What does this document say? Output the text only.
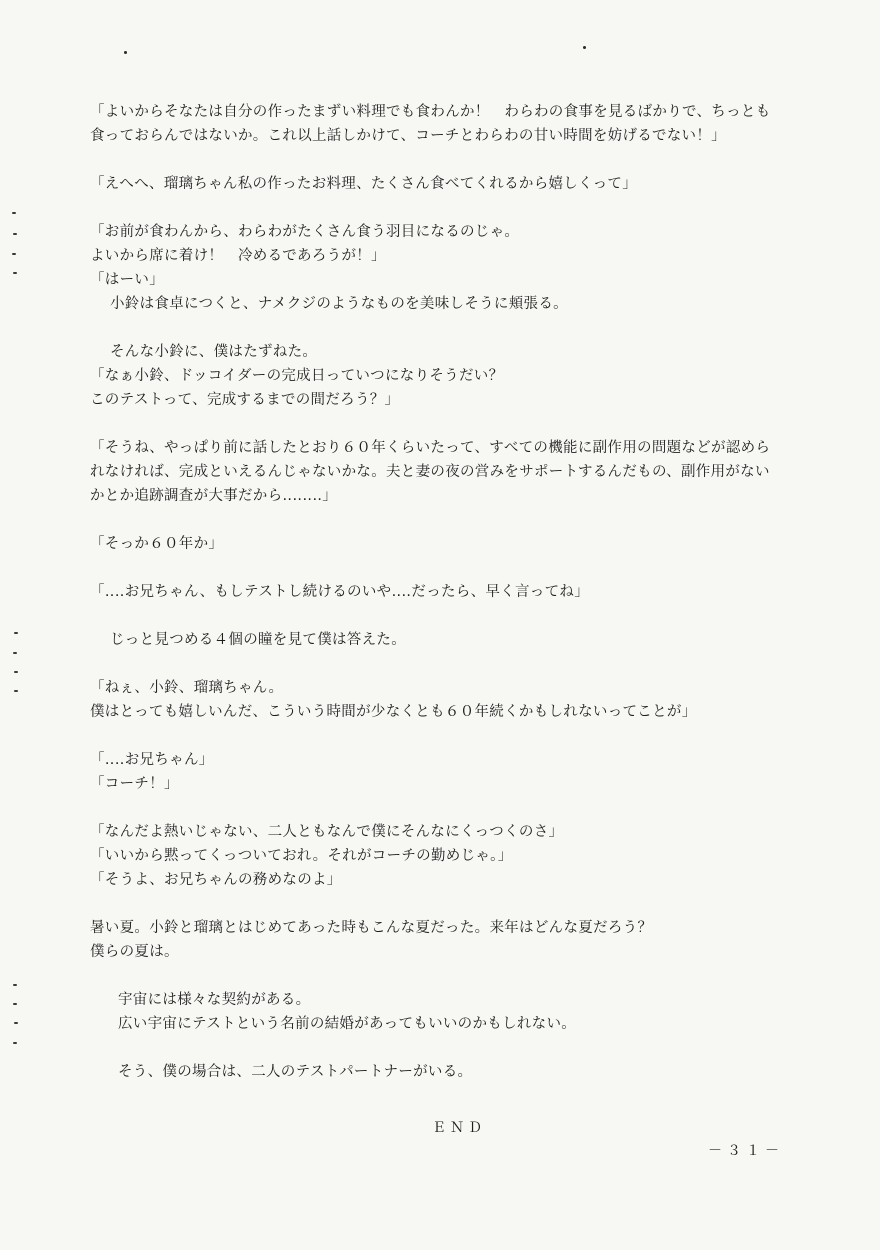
「よいからそなたは自分の作ったまずい料理でも食わんか！　わらわの食事を見るばかりで、ちっとも
食っておらんではないか。これ以上話しかけて、コーチとわらわの甘い時間を妨げるでない！」
「えへへ、瑠璃ちゃん私の作ったお料理、たくさん食べてくれるから嬉しくって」
「お前が食わんから、わらわがたくさん食う羽目になるのじゃ。
よいから席に着け！　冷めるであろうが！」
「はーい」
小鈴は食卓につくと、ナメクジのようなものを美味しそうに頬張る。
そんな小鈴に、僕はたずねた。
「なぁ小鈴、ドッコイダーの完成日っていつになりそうだい？
このテストって、完成するまでの間だろう？」
「そうね、やっぱり前に話したとおり６０年くらいたって、すべての機能に副作用の問題などが認めら
れなければ、完成といえるんじゃないかな。夫と妻の夜の営みをサポートするんだもの、副作用がない
かとか追跡調査が大事だから‥‥‥‥」
「そっか６０年か」
「‥‥お兄ちゃん、もしテストし続けるのいや‥‥だったら、早く言ってね」
じっと見つめる４個の瞳を見て僕は答えた。
「ねぇ、小鈴、瑠璃ちゃん。
僕はとっても嬉しいんだ、こういう時間が少なくとも６０年続くかもしれないってことが」
「‥‥お兄ちゃん」
「コーチ！」
「なんだよ熱いじゃない、二人ともなんで僕にそんなにくっつくのさ」
「いいから黙ってくっついておれ。それがコーチの勤めじゃ。」
「そうよ、お兄ちゃんの務めなのよ」
暑い夏。小鈴と瑠璃とはじめてあった時もこんな夏だった。来年はどんな夏だろう？
僕らの夏は。
宇宙には様々な契約がある。
広い宇宙にテストという名前の結婚があってもいいのかもしれない。
そう、僕の場合は、二人のテストパートナーがいる。
ＥＮＤ
－３１－
